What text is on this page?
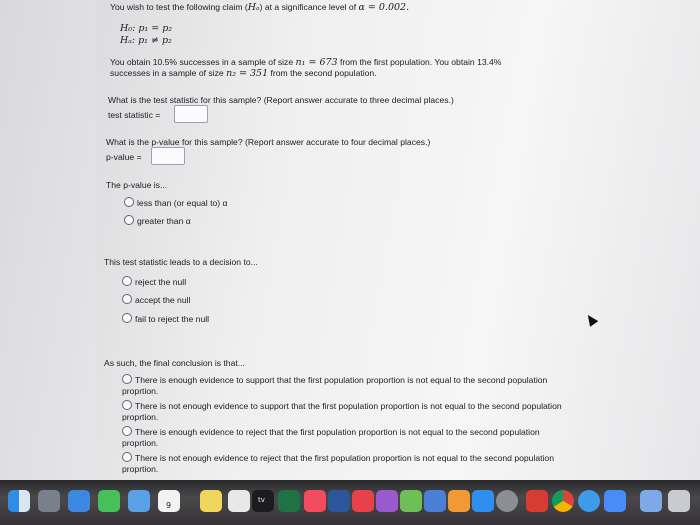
You wish to test the following claim (Hₐ) at a significance level of α = 0.002.
H₀: p₁ = p₂
Hₐ: p₁ ≠ p₂
You obtain 10.5% successes in a sample of size n₁ = 673 from the first population. You obtain 13.4%
successes in a sample of size n₂ = 351 from the second population.
What is the test statistic for this sample? (Report answer accurate to three decimal places.)
test statistic =
What is the p-value for this sample? (Report answer accurate to four decimal places.)
p-value =
The p-value is...
less than (or equal to) α
greater than α
This test statistic leads to a decision to...
reject the null
accept the null
fail to reject the null
As such, the final conclusion is that...
There is enough evidence to support that the first population proportion is not equal to the second population proprtion.
There is not enough evidence to support that the first population proportion is not equal to the second population proprtion.
There is enough evidence to reject that the first population proportion is not equal to the second population proprtion.
There is not enough evidence to reject that the first population proportion is not equal to the second population proprtion.
9
tv
